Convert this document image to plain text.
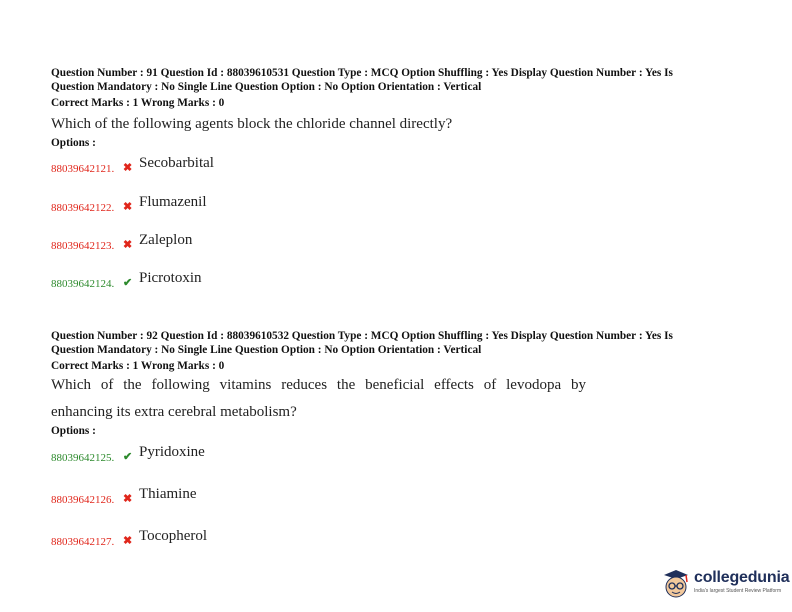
Question Number : 91 Question Id : 88039610531 Question Type : MCQ Option Shuffling : Yes Display Question Number : Yes Is
Question Mandatory : No Single Line Question Option : No Option Orientation : Vertical
Correct Marks : 1 Wrong Marks : 0
Which of the following agents block the chloride channel directly?
Options :
88039642121. ✖ Secobarbital
88039642122. ✖ Flumazenil
88039642123. ✖ Zaleplon
88039642124. ✔ Picrotoxin
Question Number : 92 Question Id : 88039610532 Question Type : MCQ Option Shuffling : Yes Display Question Number : Yes Is
Question Mandatory : No Single Line Question Option : No Option Orientation : Vertical
Correct Marks : 1 Wrong Marks : 0
Which of the following vitamins reduces the beneficial effects of levodopa by
enhancing its extra cerebral metabolism?
Options :
88039642125. ✔ Pyridoxine
88039642126. ✖ Thiamine
88039642127. ✖ Tocopherol
collegedunia
India's largest Student Review Platform
